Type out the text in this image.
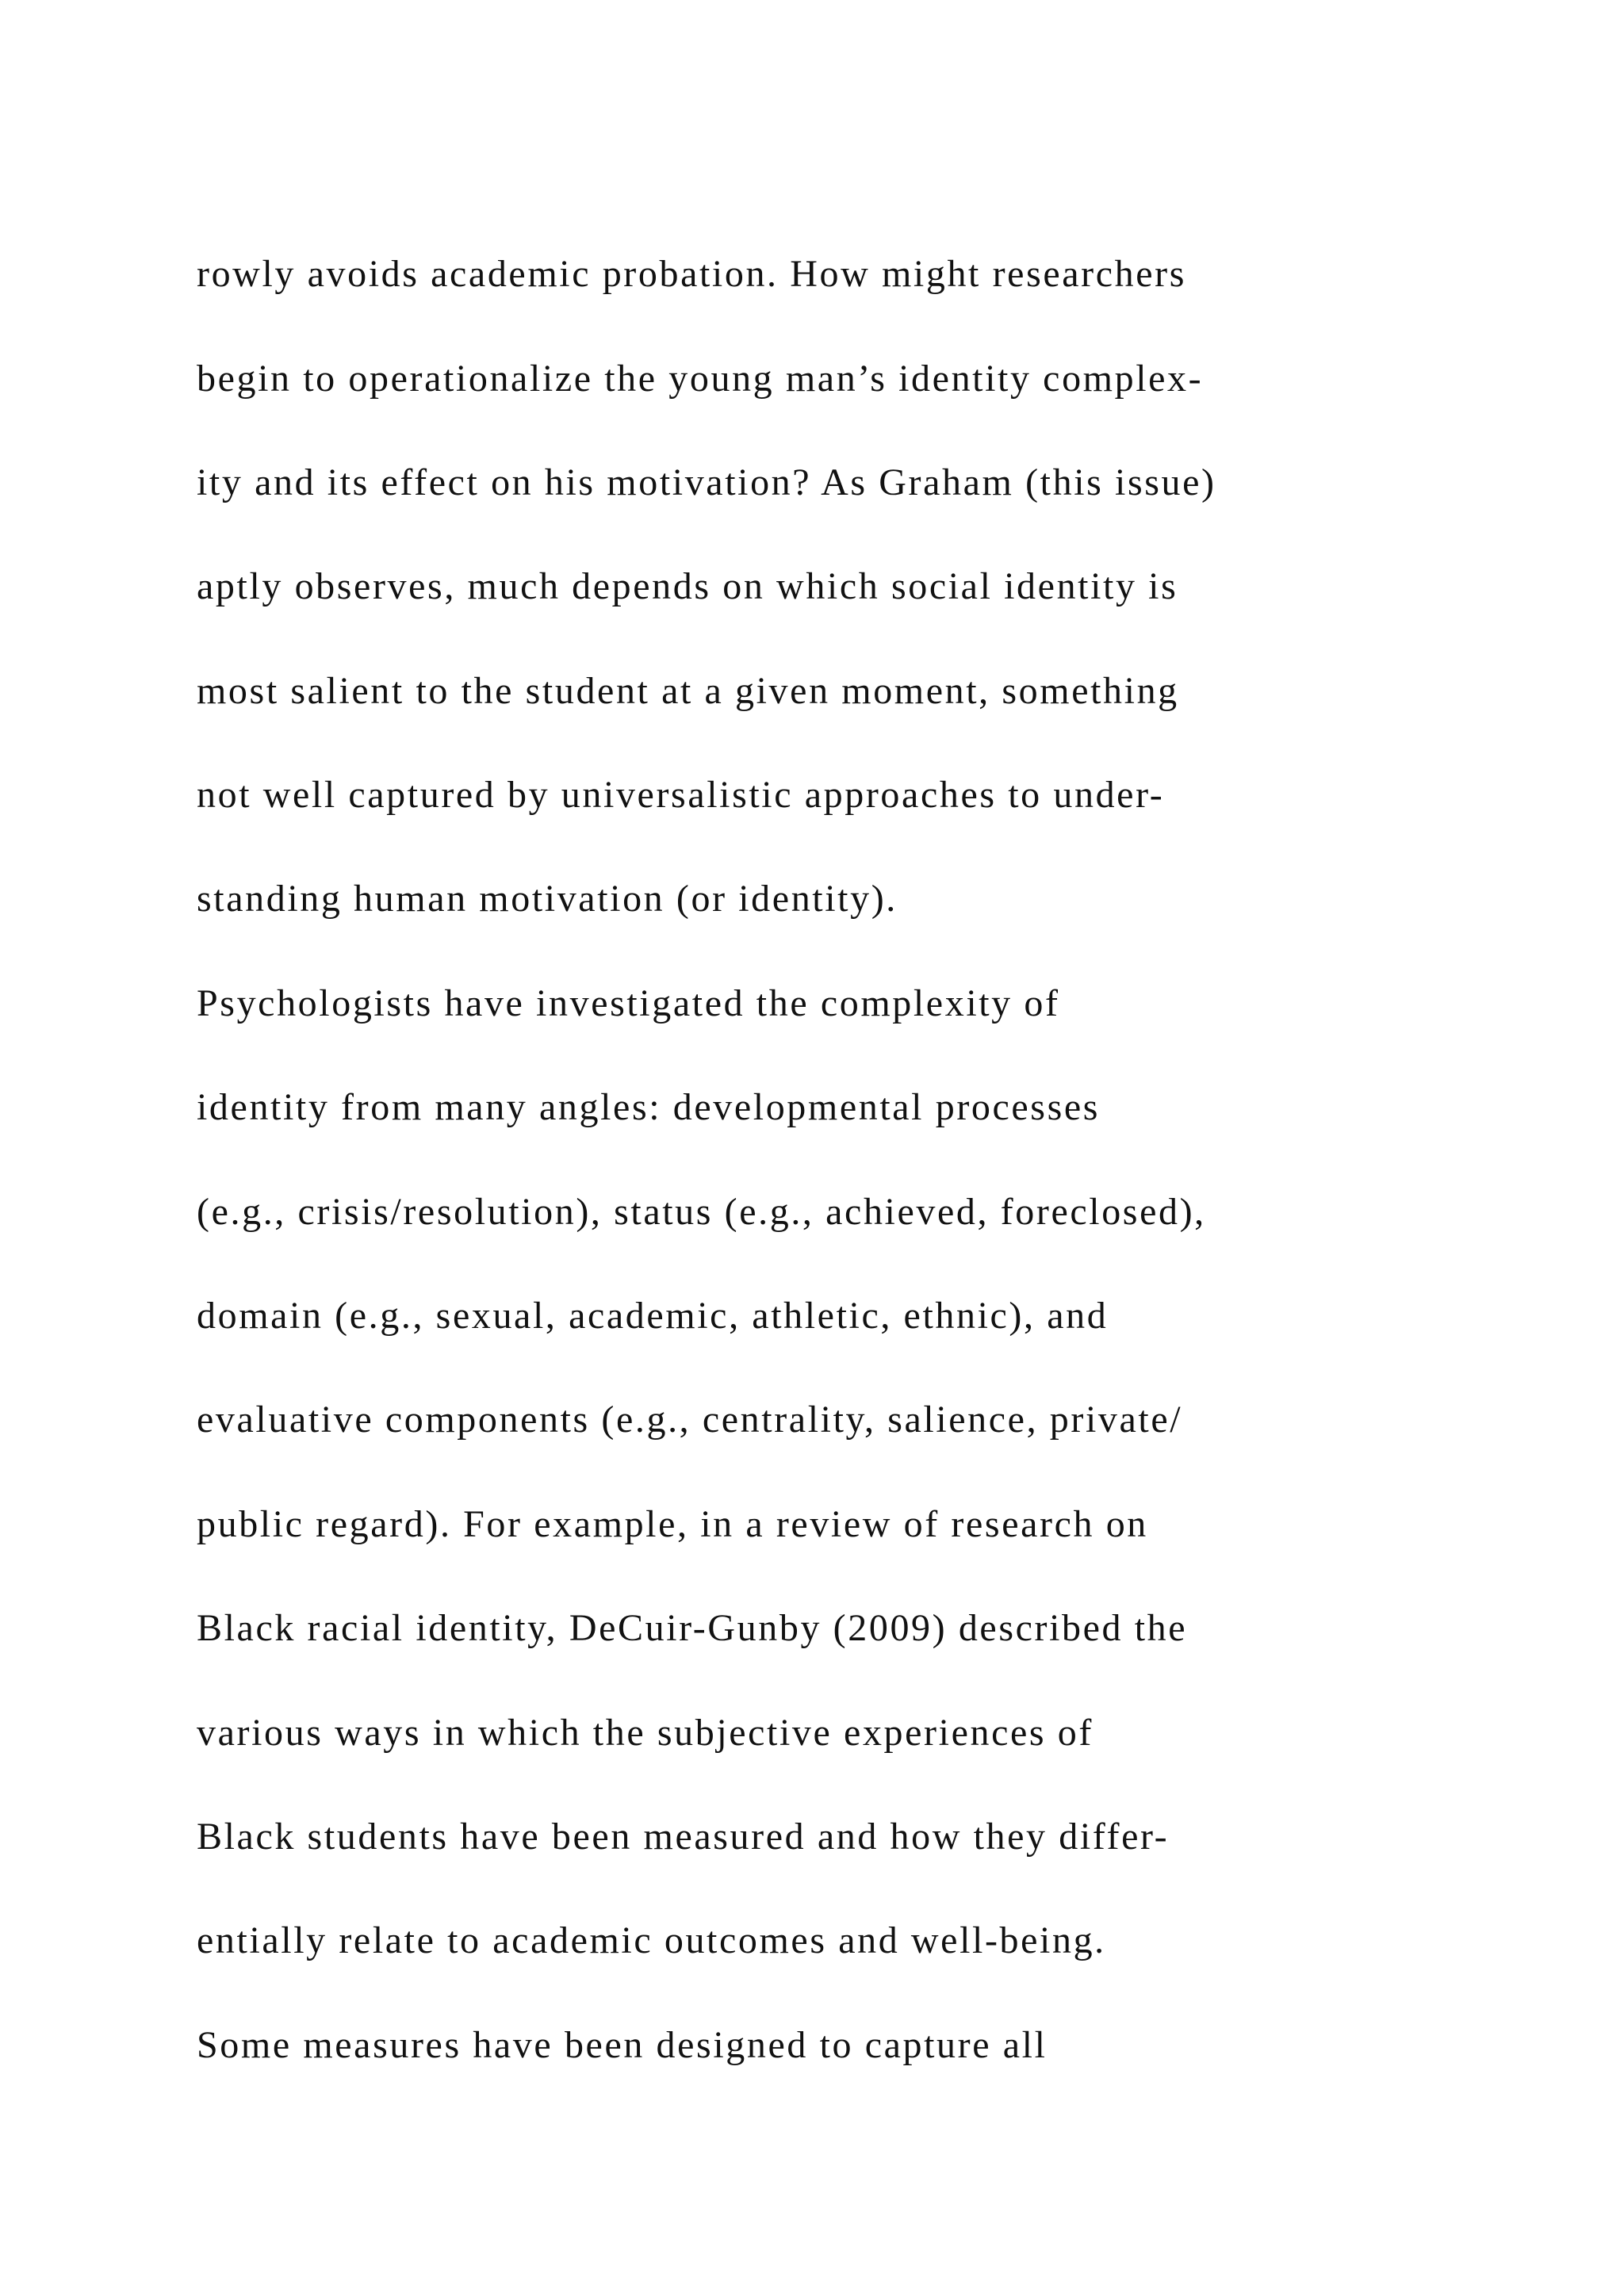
rowly avoids academic probation. How might researchers
begin to operationalize the young man’s identity complex-
ity and its effect on his motivation? As Graham (this issue)
aptly observes, much depends on which social identity is
most salient to the student at a given moment, something
not well captured by universalistic approaches to under-
standing human motivation (or identity).
Psychologists have investigated the complexity of
identity from many angles: developmental processes
(e.g., crisis/resolution), status (e.g., achieved, foreclosed),
domain (e.g., sexual, academic, athletic, ethnic), and
evaluative components (e.g., centrality, salience, private/
public regard). For example, in a review of research on
Black racial identity, DeCuir-Gunby (2009) described the
various ways in which the subjective experiences of
Black students have been measured and how they differ-
entially relate to academic outcomes and well-being.
Some measures have been designed to capture all
